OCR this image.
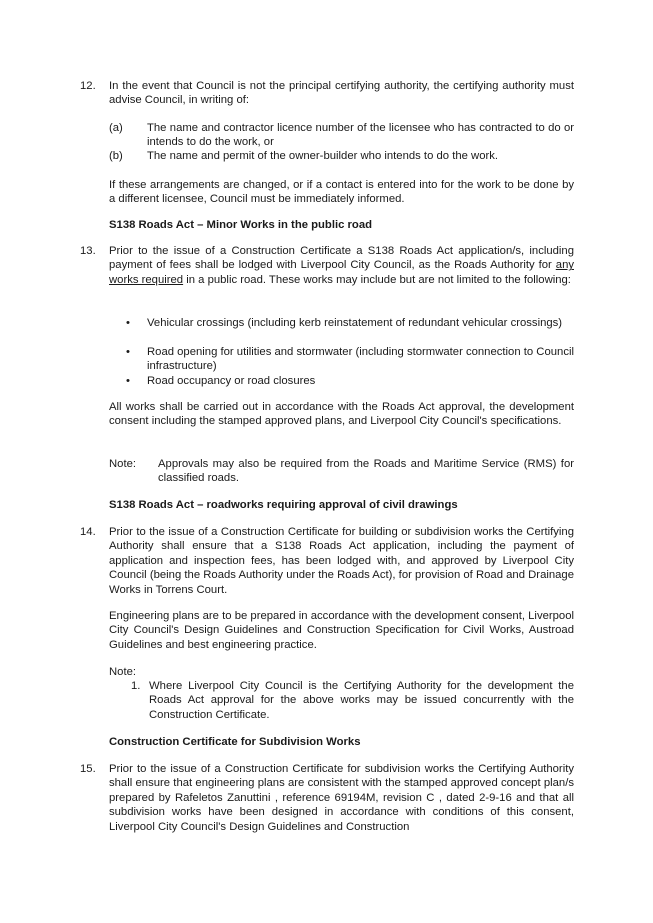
12. In the event that Council is not the principal certifying authority, the certifying authority must advise Council, in writing of:

(a) The name and contractor licence number of the licensee who has contracted to do or intends to do the work, or

(b) The name and permit of the owner-builder who intends to do the work.

If these arrangements are changed, or if a contact is entered into for the work to be done by a different licensee, Council must be immediately informed.

S138 Roads Act – Minor Works in the public road
13. Prior to the issue of a Construction Certificate a S138 Roads Act application/s, including payment of fees shall be lodged with Liverpool City Council, as the Roads Authority for any works required in a public road. These works may include but are not limited to the following:

• Vehicular crossings (including kerb reinstatement of redundant vehicular crossings)

• Road opening for utilities and stormwater (including stormwater connection to Council infrastructure)

• Road occupancy or road closures

All works shall be carried out in accordance with the Roads Act approval, the development consent including the stamped approved plans, and Liverpool City Council's specifications.

Note: Approvals may also be required from the Roads and Maritime Service (RMS) for classified roads.

S138 Roads Act – roadworks requiring approval of civil drawings
14. Prior to the issue of a Construction Certificate for building or subdivision works the Certifying Authority shall ensure that a S138 Roads Act application, including the payment of application and inspection fees, has been lodged with, and approved by Liverpool City Council (being the Roads Authority under the Roads Act), for provision of Road and Drainage Works in Torrens Court.

Engineering plans are to be prepared in accordance with the development consent, Liverpool City Council's Design Guidelines and Construction Specification for Civil Works, Austroad Guidelines and best engineering practice.

Note:
1. Where Liverpool City Council is the Certifying Authority for the development the Roads Act approval for the above works may be issued concurrently with the Construction Certificate.

Construction Certificate for Subdivision Works
15. Prior to the issue of a Construction Certificate for subdivision works the Certifying Authority shall ensure that engineering plans are consistent with the stamped approved concept plan/s prepared by Rafeletos Zanuttini , reference 69194M, revision C , dated 2-9-16 and that all subdivision works have been designed in accordance with conditions of this consent, Liverpool City Council's Design Guidelines and Construction
